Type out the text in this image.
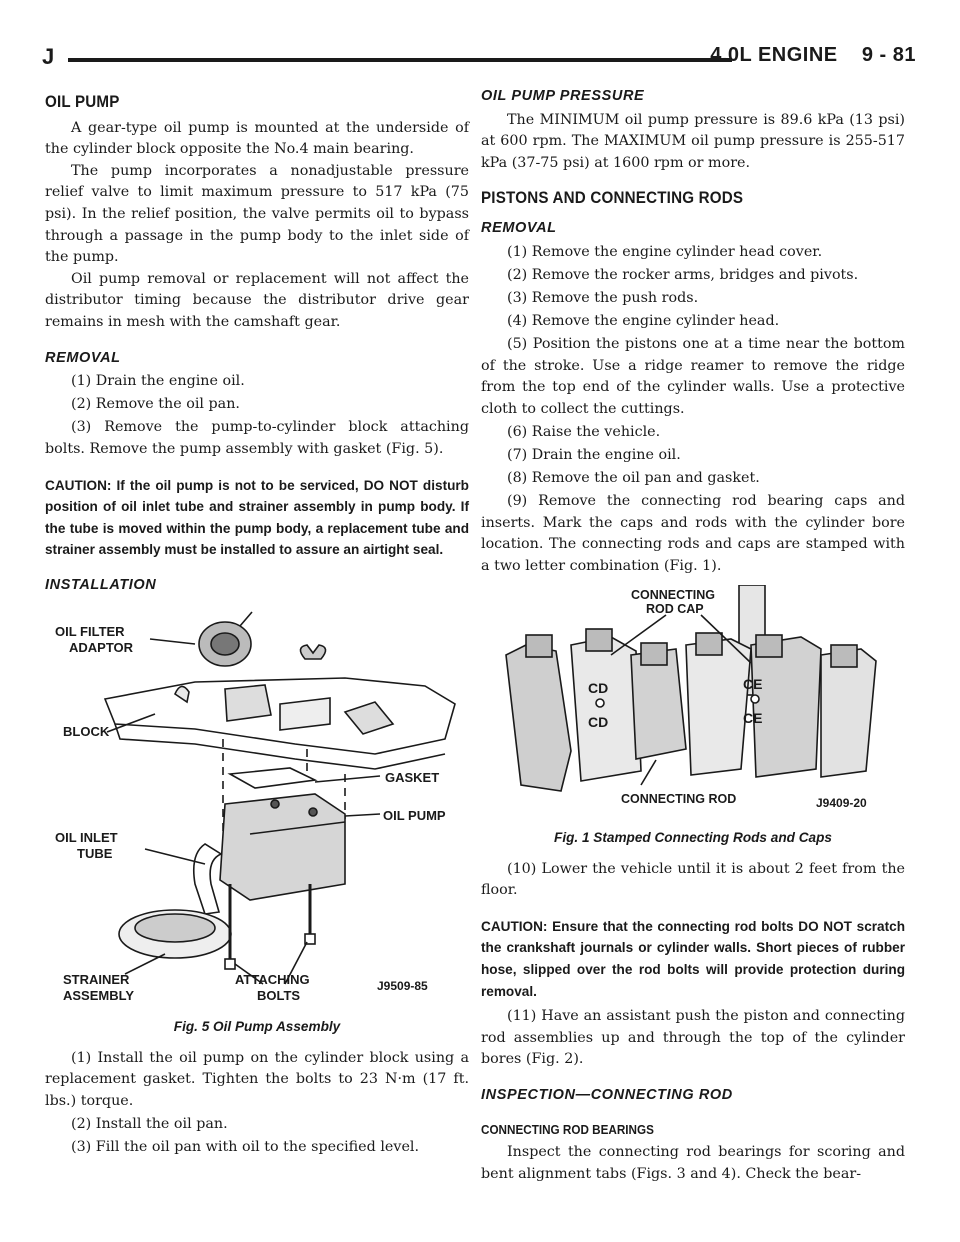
J	4.0L ENGINE    9 - 81
OIL PUMP

A gear-type oil pump is mounted at the underside of the cylinder block opposite the No.4 main bearing.

The pump incorporates a nonadjustable pressure relief valve to limit maximum pressure to 517 kPa (75 psi). In the relief position, the valve permits oil to bypass through a passage in the pump body to the inlet side of the pump.

Oil pump removal or replacement will not affect the distributor timing because the distributor drive gear remains in mesh with the camshaft gear.

REMOVAL

(1) Drain the engine oil.

(2) Remove the oil pan.

(3) Remove the pump-to-cylinder block attaching bolts. Remove the pump assembly with gasket (Fig. 5).

CAUTION: If the oil pump is not to be serviced, DO NOT disturb position of oil inlet tube and strainer assembly in pump body. If the tube is moved within the pump body, a replacement tube and strainer assembly must be installed to assure an airtight seal.

INSTALLATION
OIL FILTER
ADAPTOR
BLOCK
GASKET
OIL PUMP
OIL INLET
TUBE
STRAINER
ASSEMBLY
ATTACHING
BOLTS
J9509-85
Fig. 5 Oil Pump Assembly

(1) Install the oil pump on the cylinder block using a replacement gasket. Tighten the bolts to 23 N·m (17 ft. lbs.) torque.

(2) Install the oil pan.

(3) Fill the oil pan with oil to the specified level.

OIL PUMP PRESSURE

The MINIMUM oil pump pressure is 89.6 kPa (13 psi) at 600 rpm. The MAXIMUM oil pump pressure is 255-517 kPa (37-75 psi) at 1600 rpm or more.

PISTONS AND CONNECTING RODS
REMOVAL

(1) Remove the engine cylinder head cover.

(2) Remove the rocker arms, bridges and pivots.

(3) Remove the push rods.

(4) Remove the engine cylinder head.

(5) Position the pistons one at a time near the bottom of the stroke. Use a ridge reamer to remove the ridge from the top end of the cylinder walls. Use a protective cloth to collect the cuttings.

(6) Raise the vehicle.

(7) Drain the engine oil.

(8) Remove the oil pan and gasket.

(9) Remove the connecting rod bearing caps and inserts. Mark the caps and rods with the cylinder bore location. The connecting rods and caps are stamped with a two letter combination (Fig. 1).

CONNECTING
ROD CAP
CD
CD
CE
CE
CONNECTING ROD	J9409-20
Fig. 1 Stamped Connecting Rods and Caps

(10) Lower the vehicle until it is about 2 feet from the floor.

CAUTION: Ensure that the connecting rod bolts DO NOT scratch the crankshaft journals or cylinder walls. Short pieces of rubber hose, slipped over the rod bolts will provide protection during removal.

(11) Have an assistant push the piston and connecting rod assemblies up and through the top of the cylinder bores (Fig. 2).

INSPECTION—CONNECTING ROD
CONNECTING ROD BEARINGS

Inspect the connecting rod bearings for scoring and bent alignment tabs (Figs. 3 and 4). Check the bear-
